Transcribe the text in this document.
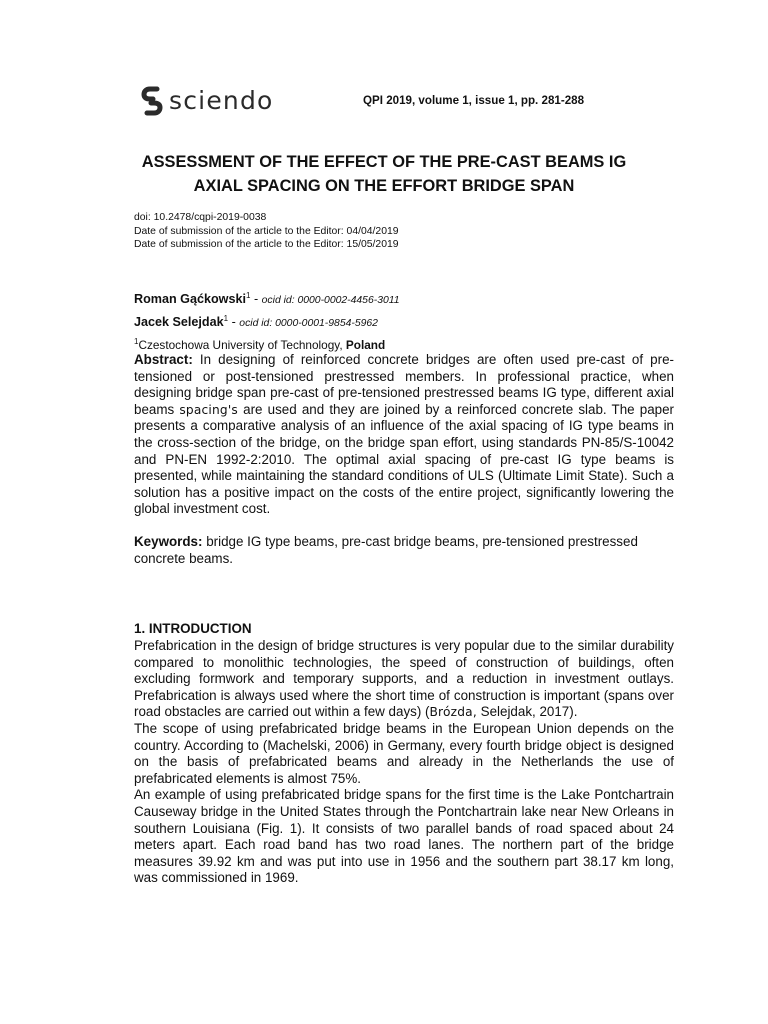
sciendo	QPI 2019, volume 1, issue 1, pp. 281-288
ASSESSMENT OF THE EFFECT OF THE PRE-CAST BEAMS IG
AXIAL SPACING ON THE EFFORT BRIDGE SPAN
doi: 10.2478/cqpi-2019-0038
Date of submission of the article to the Editor: 04/04/2019
Date of submission of the article to the Editor: 15/05/2019
Roman Gąćkowski$^1$ - ocid id: 0000-0002-4456-3011
Jacek Selejdak$^1$ - ocid id: 0000-0001-9854-5962
$^1$Czestochowa University of Technology, Poland
Abstract: In designing of reinforced concrete bridges are often used pre-cast of pre-tensioned or post-tensioned prestressed members. In professional practice, when designing bridge span pre-cast of pre-tensioned prestressed beams IG type, different axial beams spacing's are used and they are joined by a reinforced concrete slab. The paper presents a comparative analysis of an influence of the axial spacing of IG type beams in the cross-section of the bridge, on the bridge span effort, using standards PN-85/S-10042 and PN-EN 1992-2:2010. The optimal axial spacing of pre-cast IG type beams is presented, while maintaining the standard conditions of ULS (Ultimate Limit State). Such a solution has a positive impact on the costs of the entire project, significantly lowering the global investment cost.
Keywords: bridge IG type beams, pre-cast bridge beams, pre-tensioned prestressed concrete beams.
1. INTRODUCTION

Prefabrication in the design of bridge structures is very popular due to the similar durability compared to monolithic technologies, the speed of construction of buildings, often excluding formwork and temporary supports, and a reduction in investment outlays. Prefabrication is always used where the short time of construction is important (spans over road obstacles are carried out within a few days) (Brózda, Selejdak, 2017).

The scope of using prefabricated bridge beams in the European Union depends on the country. According to (Machelski, 2006) in Germany, every fourth bridge object is designed on the basis of prefabricated beams and already in the Netherlands the use of prefabricated elements is almost 75%.

An example of using prefabricated bridge spans for the first time is the Lake Pontchartrain Causeway bridge in the United States through the Pontchartrain lake near New Orleans in southern Louisiana (Fig. 1). It consists of two parallel bands of road spaced about 24 meters apart. Each road band has two road lanes. The northern part of the bridge measures 39.92 km and was put into use in 1956 and the southern part 38.17 km long, was commissioned in 1969.
